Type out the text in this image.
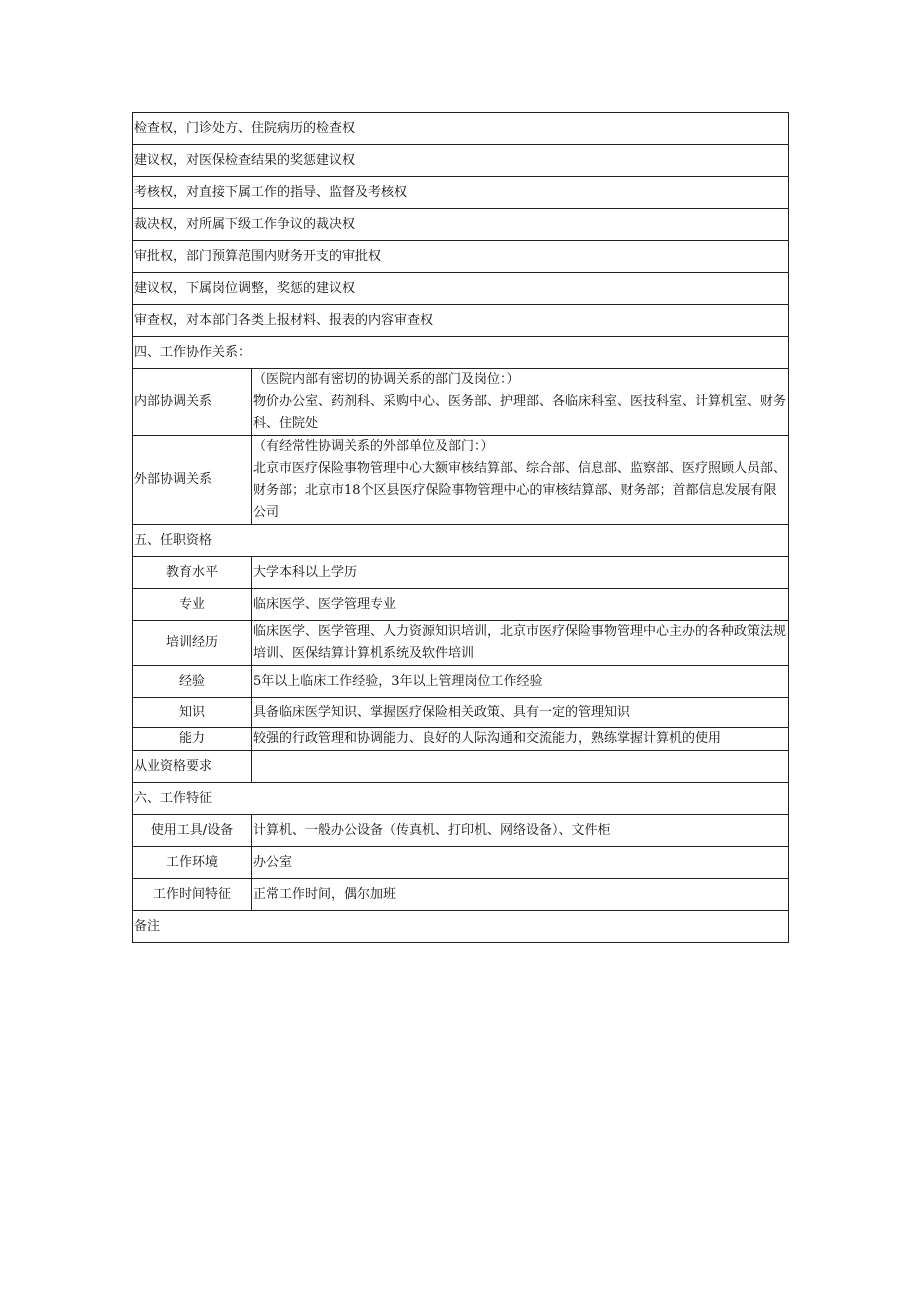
检查权，门诊处方、住院病历的检查权	
建议权，对医保检查结果的奖惩建议权	
考核权，对直接下属工作的指导、监督及考核权	
裁决权，对所属下级工作争议的裁决权	
审批权，部门预算范围内财务开支的审批权	
建议权，下属岗位调整，奖惩的建议权	
审查权，对本部门各类上报材料、报表的内容审查权	
四、工作协作关系：	
内部协调关系	（医院内部有密切的协调关系的部门及岗位：）
物价办公室、药剂科、采购中心、医务部、护理部、各临床科室、医技科室、计算机室、财务科、住院处

外部协调关系	（有经常性协调关系的外部单位及部门：）
北京市医疗保险事物管理中心大额审核结算部、综合部、信息部、监察部、医疗照顾人员部、财务部；北京市18个区县医疗保险事物管理中心的审核结算部、财务部；首都信息发展有限公司

五、任职资格	
教育水平	大学本科以上学历
专业	临床医学、医学管理专业
培训经历	临床医学、医学管理、人力资源知识培训，北京市医疗保险事物管理中心主办的各种政策法规培训、医保结算计算机系统及软件培训
经验	5年以上临床工作经验，3年以上管理岗位工作经验
知识	具备临床医学知识、掌握医疗保险相关政策、具有一定的管理知识
能力	较强的行政管理和协调能力、良好的人际沟通和交流能力，熟练掌握计算机的使用
从业资格要求	
六、工作特征	
使用工具/设备	计算机、一般办公设备（传真机、打印机、网络设备）、文件柜
工作环境	办公室
工作时间特征	正常工作时间，偶尔加班
备注	
